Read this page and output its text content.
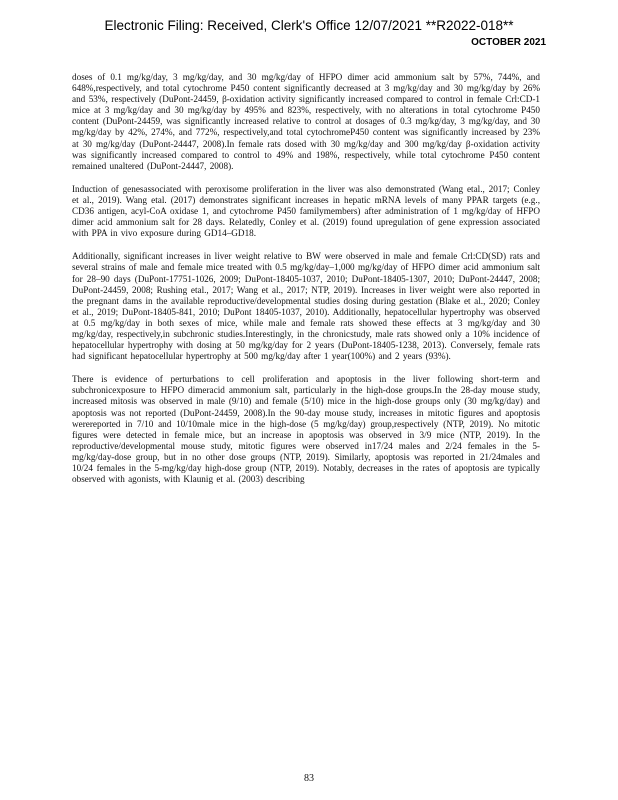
Electronic Filing: Received, Clerk's Office 12/07/2021 **R2022-018**
OCTOBER 2021

doses of 0.1 mg/kg/day, 3 mg/kg/day, and 30 mg/kg/day of HFPO dimer acid ammonium salt by 57%, 744%, and 648%,respectively, and total cytochrome P450 content significantly decreased at 3 mg/kg/day and 30 mg/kg/day by 26% and 53%, respectively (DuPont-24459, β-oxidation activity significantly increased compared to control in female Crl:CD-1 mice at 3 mg/kg/day and 30 mg/kg/day by 495% and 823%, respectively, with no alterations in total cytochrome P450 content (DuPont-24459, was significantly increased relative to control at dosages of 0.3 mg/kg/day, 3 mg/kg/day, and 30 mg/kg/day by 42%, 274%, and 772%, respectively,and total cytochromeP450 content was significantly increased by 23% at 30 mg/kg/day (DuPont-24447, 2008).In female rats dosed with 30 mg/kg/day and 300 mg/kg/day β-oxidation activity was significantly increased compared to control to 49% and 198%, respectively, while total cytochrome P450 content remained unaltered (DuPont-24447, 2008).

Induction of genesassociated with peroxisome proliferation in the liver was also demonstrated (Wang etal., 2017; Conley et al., 2019). Wang etal. (2017) demonstrates significant increases in hepatic mRNA levels of many PPAR targets (e.g., CD36 antigen, acyl-CoA oxidase 1, and cytochrome P450 familymembers) after administration of 1 mg/kg/day of HFPO dimer acid ammonium salt for 28 days. Relatedly, Conley et al. (2019) found upregulation of gene expression associated with PPA in vivo exposure during GD14–GD18.

Additionally, significant increases in liver weight relative to BW were observed in male and female Crl:CD(SD) rats and several strains of male and female mice treated with 0.5 mg/kg/day–1,000 mg/kg/day of HFPO dimer acid ammonium salt for 28–90 days (DuPont-17751-1026, 2009; DuPont-18405-1037, 2010; DuPont-18405-1307, 2010; DuPont-24447, 2008; DuPont-24459, 2008; Rushing etal., 2017; Wang et al., 2017; NTP, 2019). Increases in liver weight were also reported in the pregnant dams in the available reproductive/developmental studies dosing during gestation (Blake et al., 2020; Conley et al., 2019; DuPont-18405-841, 2010; DuPont 18405-1037, 2010). Additionally, hepatocellular hypertrophy was observed at 0.5 mg/kg/day in both sexes of mice, while male and female rats showed these effects at 3 mg/kg/day and 30 mg/kg/day, respectively,in subchronic studies.Interestingly, in the chronicstudy, male rats showed only a 10% incidence of hepatocellular hypertrophy with dosing at 50 mg/kg/day for 2 years (DuPont-18405-1238, 2013). Conversely, female rats had significant hepatocellular hypertrophy at 500 mg/kg/day after 1 year(100%) and 2 years (93%).

There is evidence of perturbations to cell proliferation and apoptosis in the liver following short-term and subchronicexposure to HFPO dimeracid ammonium salt, particularly in the high-dose groups.In the 28-day mouse study, increased mitosis was observed in male (9/10) and female (5/10) mice in the high-dose groups only (30 mg/kg/day) and apoptosis was not reported (DuPont-24459, 2008).In the 90-day mouse study, increases in mitotic figures and apoptosis werereported in 7/10 and 10/10male mice in the high-dose (5 mg/kg/day) group,respectively (NTP, 2019). No mitotic figures were detected in female mice, but an increase in apoptosis was observed in 3/9 mice (NTP, 2019). In the reproductive/developmental mouse study, mitotic figures were observed in17/24 males and 2/24 females in the 5-mg/kg/day-dose group, but in no other dose groups (NTP, 2019). Similarly, apoptosis was reported in 21/24males and 10/24 females in the 5-mg/kg/day high-dose group (NTP, 2019). Notably, decreases in the rates of apoptosis are typically observed with agonists, with Klaunig et al. (2003) describing

83
